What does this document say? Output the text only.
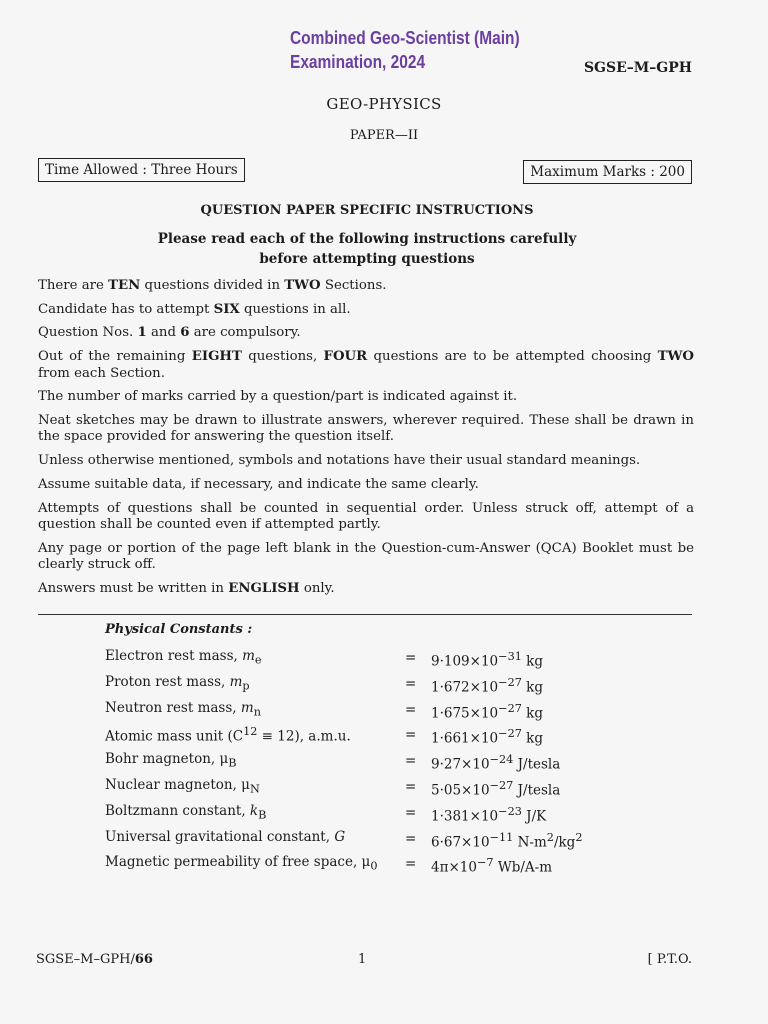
Combined Geo-Scientist (Main)
Examination, 2024	SGSE–M–GPH
GEO-PHYSICS
PAPER—II
Time Allowed : Three Hours	Maximum Marks : 200
QUESTION PAPER SPECIFIC INSTRUCTIONS
Please read each of the following instructions carefully
before attempting questions

There are TEN questions divided in TWO Sections.

Candidate has to attempt SIX questions in all.

Question Nos. 1 and 6 are compulsory.

Out of the remaining EIGHT questions, FOUR questions are to be attempted choosing TWO from each Section.

The number of marks carried by a question/part is indicated against it.

Neat sketches may be drawn to illustrate answers, wherever required. These shall be drawn in the space provided for answering the question itself.

Unless otherwise mentioned, symbols and notations have their usual standard meanings.

Assume suitable data, if necessary, and indicate the same clearly.

Attempts of questions shall be counted in sequential order. Unless struck off, attempt of a question shall be counted even if attempted partly.

Any page or portion of the page left blank in the Question-cum-Answer (QCA) Booklet must be clearly struck off.

Answers must be written in ENGLISH only.

Physical Constants :
Electron rest mass, $m_e$	= $9\cdot 109\times 10^{-31}$ kg
Proton rest mass, $m_p$	= $1\cdot 672\times 10^{-27}$ kg
Neutron rest mass, $m_n$	= $1\cdot 675\times 10^{-27}$ kg
Atomic mass unit $(C^{12} \equiv 12)$, a.m.u.	= $1\cdot 661\times 10^{-27}$ kg
Bohr magneton, $\mu_B$	= $9\cdot 27\times 10^{-24}$ J/tesla
Nuclear magneton, $\mu_N$	= $5\cdot 05\times 10^{-27}$ J/tesla
Boltzmann constant, $k_B$	= $1\cdot 381\times 10^{-23}$ J/K
Universal gravitational constant, G	= $6\cdot 67\times 10^{-11}$ $N-m^2/kg^2$
Magnetic permeability of free space, $\mu_0 = 4\pi\times 10^{-7}$ Wb/A-m
SGSE–M–GPH/66	1	[ P.T.O.
